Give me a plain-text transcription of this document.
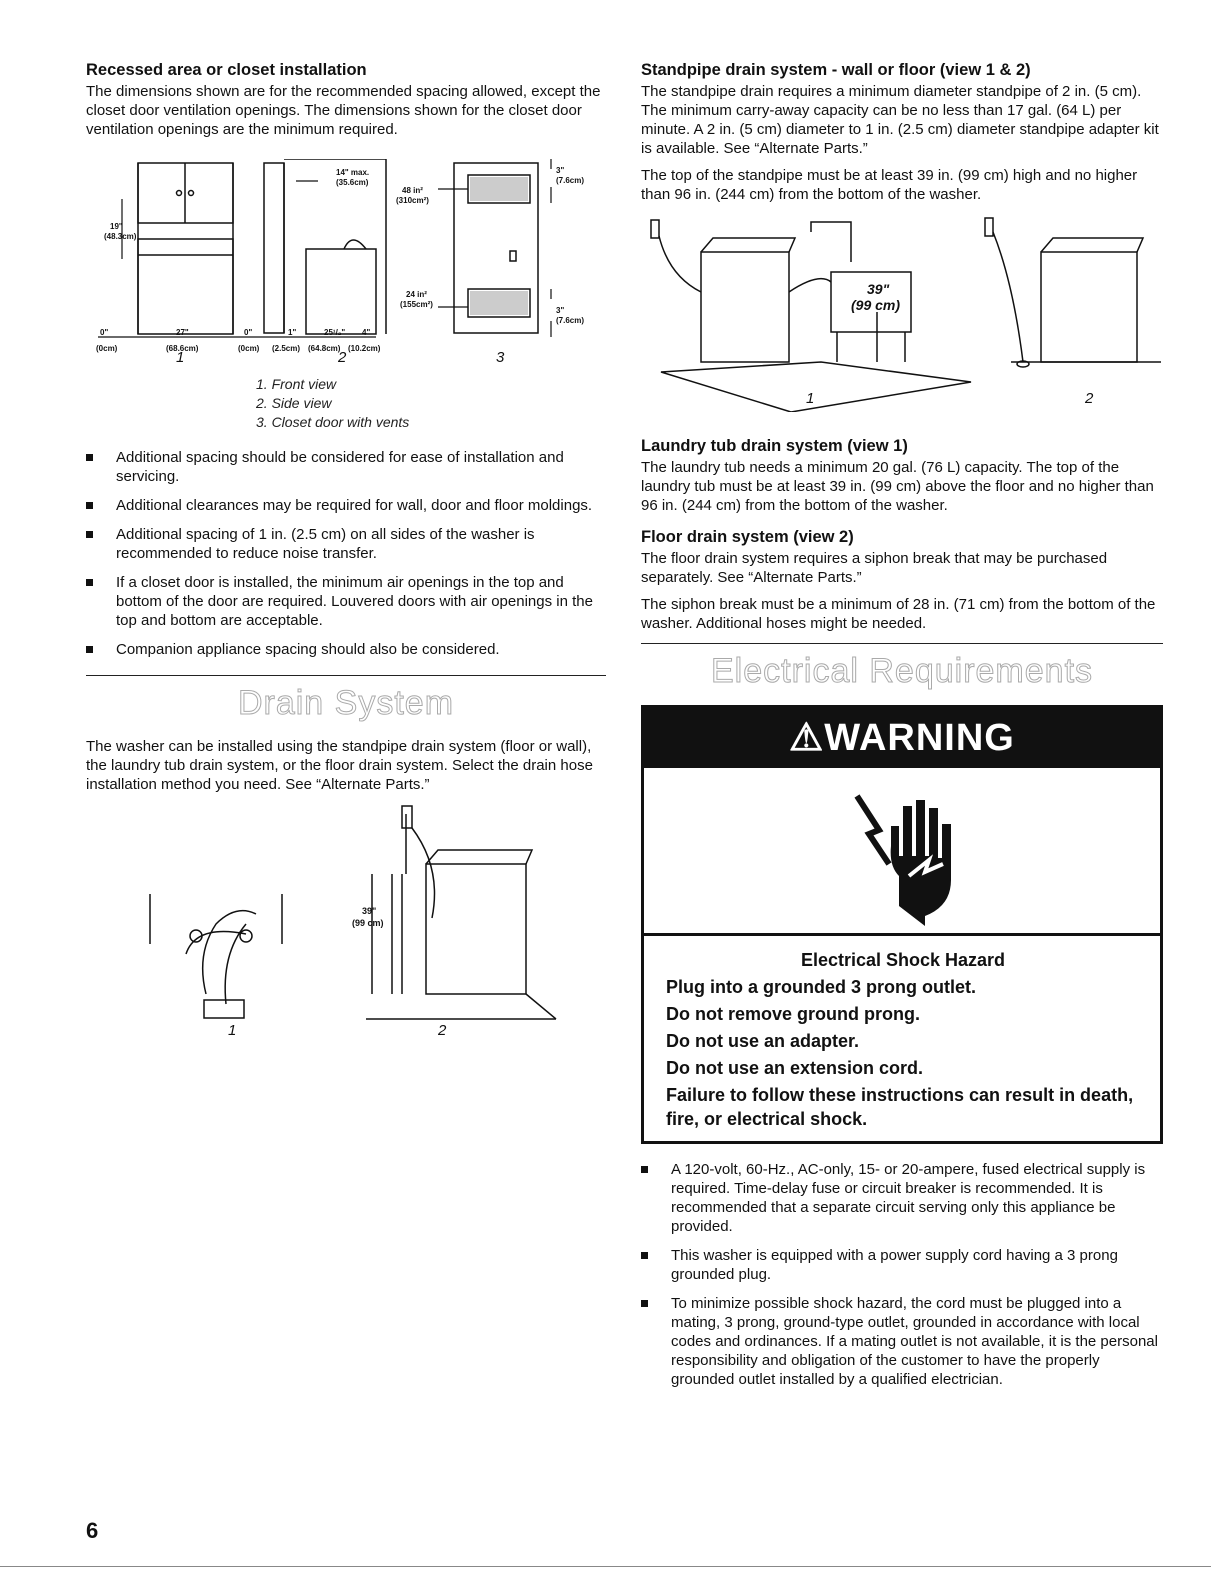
Recessed area or closet installation

The dimensions shown are for the recommended spacing allowed, except the closet door ventilation openings. The dimensions shown for the closet door ventilation openings are the minimum required.

19"
(48.3cm)
0"
(0cm)
27"
(68.6cm)
0"
(0cm)
1"
(2.5cm)
25¹/₂"
(64.8cm)
4"
(10.2cm)
14" max.
(35.6cm)
48 in²
(310cm²)
24 in²
(155cm²)
3"
(7.6cm)
3"
(7.6cm)
1	2	3
1. Front view
2. Side view
3. Closet door with vents
Additional spacing should be considered for ease of installation and servicing.
Additional clearances may be required for wall, door and floor moldings.
Additional spacing of 1 in. (2.5 cm) on all sides of the washer is recommended to reduce noise transfer.
If a closet door is installed, the minimum air openings in the top and bottom of the door are required. Louvered doors with air openings in the top and bottom are acceptable.
Companion appliance spacing should also be considered.
Drain System

The washer can be installed using the standpipe drain system (floor or wall), the laundry tub drain system, or the floor drain system. Select the drain hose installation method you need. See “Alternate Parts.”

39"
(99 cm)
1	2
Standpipe drain system - wall or floor (view 1 & 2)

The standpipe drain requires a minimum diameter standpipe of 2 in. (5 cm). The minimum carry-away capacity can be no less than 17 gal. (64 L) per minute. A 2 in. (5 cm) diameter to 1 in. (2.5 cm) diameter standpipe adapter kit is available. See “Alternate Parts.”

The top of the standpipe must be at least 39 in. (99 cm) high and no higher than 96 in. (244 cm) from the bottom of the washer.

39"
(99 cm)
1	2
Laundry tub drain system (view 1)

The laundry tub needs a minimum 20 gal. (76 L) capacity. The top of the laundry tub must be at least 39 in. (99 cm) above the floor and no higher than 96 in. (244 cm) from the bottom of the washer.

Floor drain system (view 2)

The floor drain system requires a siphon break that may be purchased separately. See “Alternate Parts.”

The siphon break must be a minimum of 28 in. (71 cm) from the bottom of the washer. Additional hoses might be needed.

Electrical Requirements
⚠WARNING
Electrical Shock Hazard
Plug into a grounded 3 prong outlet.
Do not remove ground prong.
Do not use an adapter.
Do not use an extension cord.
Failure to follow these instructions can result in death, fire, or electrical shock.
A 120-volt, 60-Hz., AC-only, 15- or 20-ampere, fused electrical supply is required. Time-delay fuse or circuit breaker is recommended. It is recommended that a separate circuit serving only this appliance be provided.
This washer is equipped with a power supply cord having a 3 prong grounded plug.
To minimize possible shock hazard, the cord must be plugged into a mating, 3 prong, ground-type outlet, grounded in accordance with local codes and ordinances. If a mating outlet is not available, it is the personal responsibility and obligation of the customer to have the properly grounded outlet installed by a qualified electrician.
6
